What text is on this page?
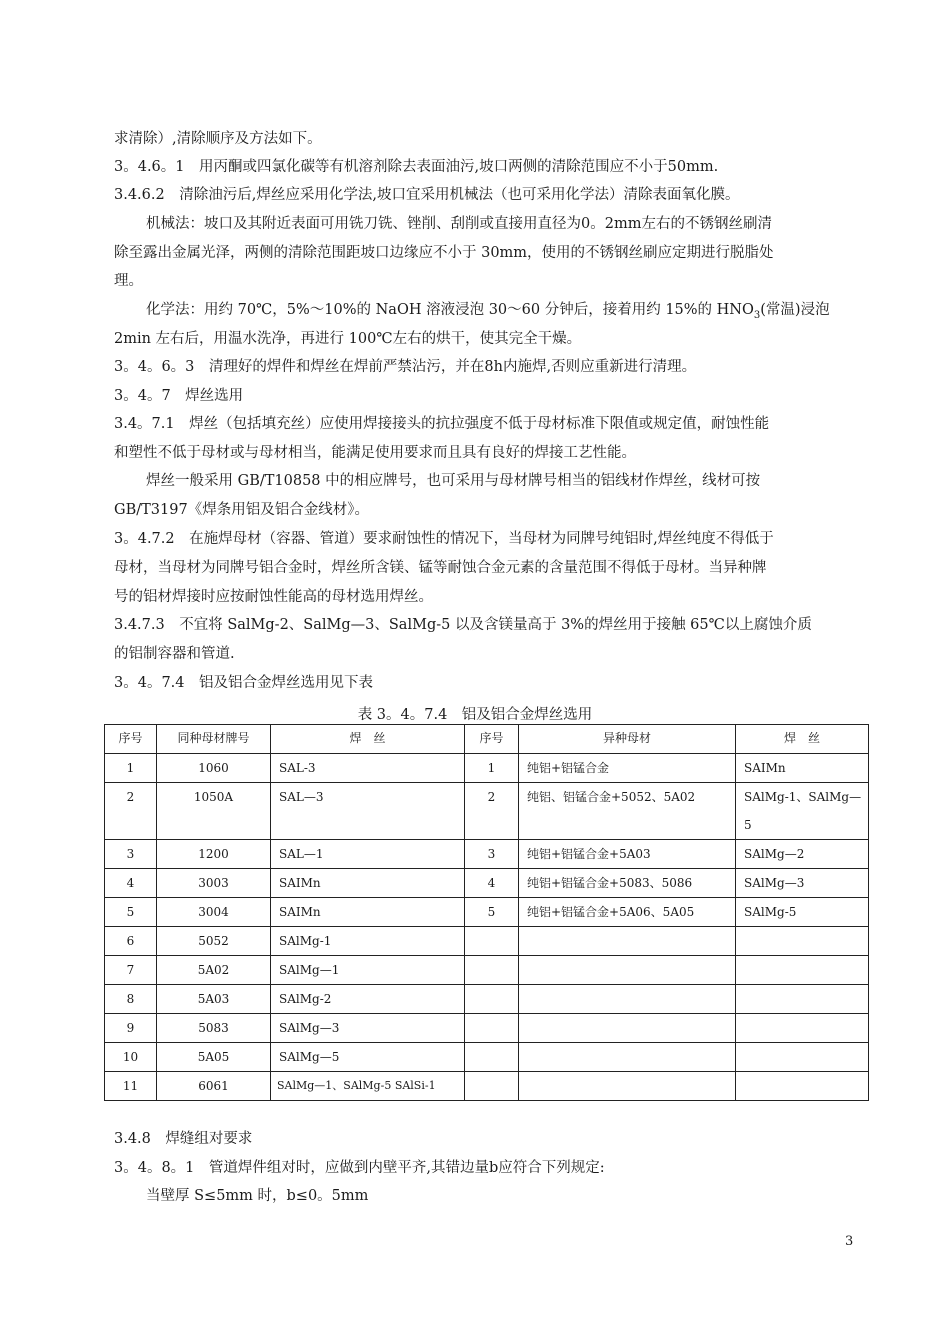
求清除）,清除顺序及方法如下。
3。4.6。1　用丙酮或四氯化碳等有机溶剂除去表面油污,坡口两侧的清除范围应不小于50mm.
3.4.6.2　清除油污后,焊丝应采用化学法,坡口宜采用机械法（也可采用化学法）清除表面氧化膜。
机械法：坡口及其附近表面可用铣刀铣、锉削、刮削或直接用直径为0。2mm左右的不锈钢丝刷清
除至露出金属光泽，两侧的清除范围距坡口边缘应不小于 30mm，使用的不锈钢丝刷应定期进行脱脂处
理。
化学法：用约 70℃，5%～10%的 NaOH 溶液浸泡 30～60 分钟后，接着用约 15%的 $HNO_3$(常温)浸泡
2min 左右后，用温水洗净，再进行 100℃左右的烘干，使其完全干燥。
3。4。6。3　清理好的焊件和焊丝在焊前严禁沾污，并在8h内施焊,否则应重新进行清理。
3。4。7　焊丝选用
3.4。7.1　焊丝（包括填充丝）应使用焊接接头的抗拉强度不低于母材标准下限值或规定值，耐蚀性能
和塑性不低于母材或与母材相当，能满足使用要求而且具有良好的焊接工艺性能。
焊丝一般采用 GB/T10858 中的相应牌号，也可采用与母材牌号相当的铝线材作焊丝，线材可按
GB/T3197《焊条用铝及铝合金线材》。
3。4.7.2　在施焊母材（容器、管道）要求耐蚀性的情况下，当母材为同牌号纯铝时,焊丝纯度不得低于
母材，当母材为同牌号铝合金时，焊丝所含镁、锰等耐蚀合金元素的含量范围不得低于母材。当异种牌
号的铝材焊接时应按耐蚀性能高的母材选用焊丝。
3.4.7.3　不宜将 SalMg-2、SalMg—3、SalMg-5 以及含镁量高于 3%的焊丝用于接触 65℃以上腐蚀介质
的铝制容器和管道.
3。4。7.4　铝及铝合金焊丝选用见下表
表 3。4。7.4　铝及铝合金焊丝选用
序号	同种母材牌号	焊　丝	序号	异种母材	焊　丝
1	1060	SAL-3	1	纯铝+铝锰合金	SAIMn
2	1050A	SAL—3	2	纯铝、铝锰合金+5052、5A02	SAlMg-1、SAlMg—5

3	1200	SAL—1	3	纯铝+铝锰合金+5A03	SAlMg—2
4	3003	SAIMn	4	纯铝+铝锰合金+5083、5086	SAlMg—3
5	3004	SAIMn	5	纯铝+铝锰合金+5A06、5A05	SAlMg-5
6	5052	SAlMg-1			
7	5A02	SAlMg—1			
8	5A03	SAlMg-2			
9	5083	SAlMg—3			
10	5A05	SAlMg—5			
11	6061	SAlMg—1、SAlMg-5 SAlSi-1			
3.4.8　焊缝组对要求
3。4。8。1　管道焊件组对时，应做到内壁平齐,其错边量b应符合下列规定:
当壁厚 S≤5mm 时，b≤0。5mm
3
